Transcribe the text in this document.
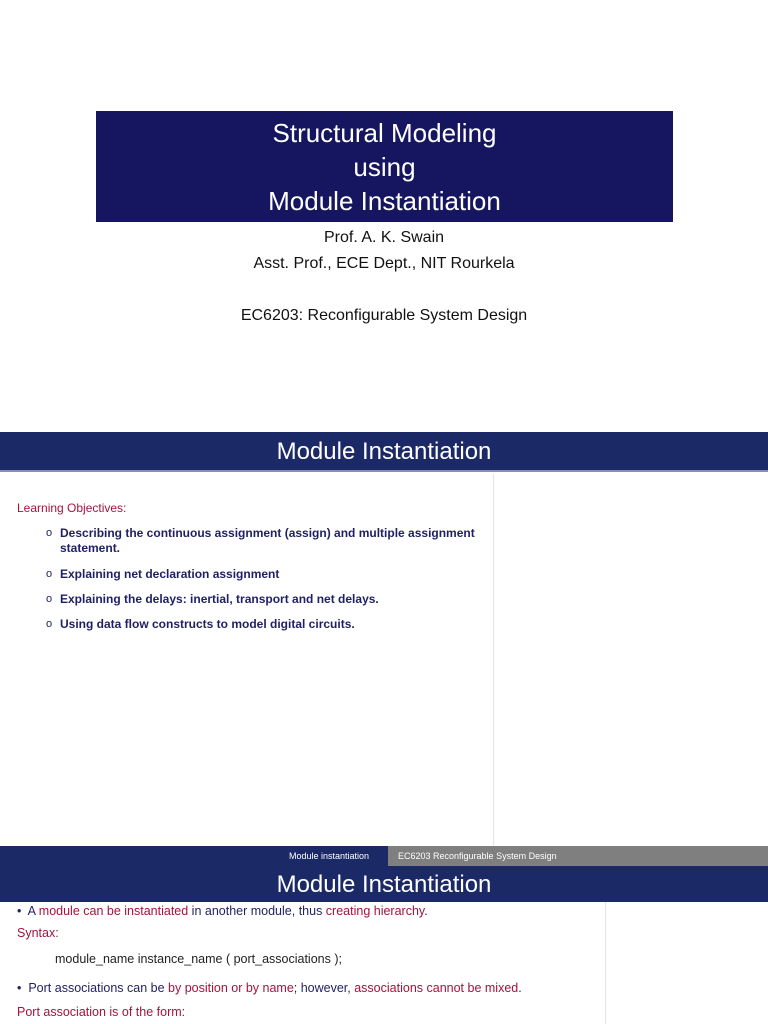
Structural Modeling
using
Module Instantiation
Prof. A. K. Swain
Asst. Prof., ECE Dept., NIT Rourkela
EC6203: Reconfigurable System Design
Module Instantiation
Learning Objectives:
o Describing the continuous assignment (assign) and multiple assignment statement.
o Explaining net declaration assignment
o Explaining the delays: inertial, transport and net delays.
o Using data flow constructs to model digital circuits.
Module instantiation	EC6203 Reconfigurable System Design
Module Instantiation
• A module can be instantiated in another module, thus creating hierarchy.
Syntax:
module_name instance_name ( port_associations );
• Port associations can be by position or by name; however, associations cannot be mixed.
Port association is of the form:
